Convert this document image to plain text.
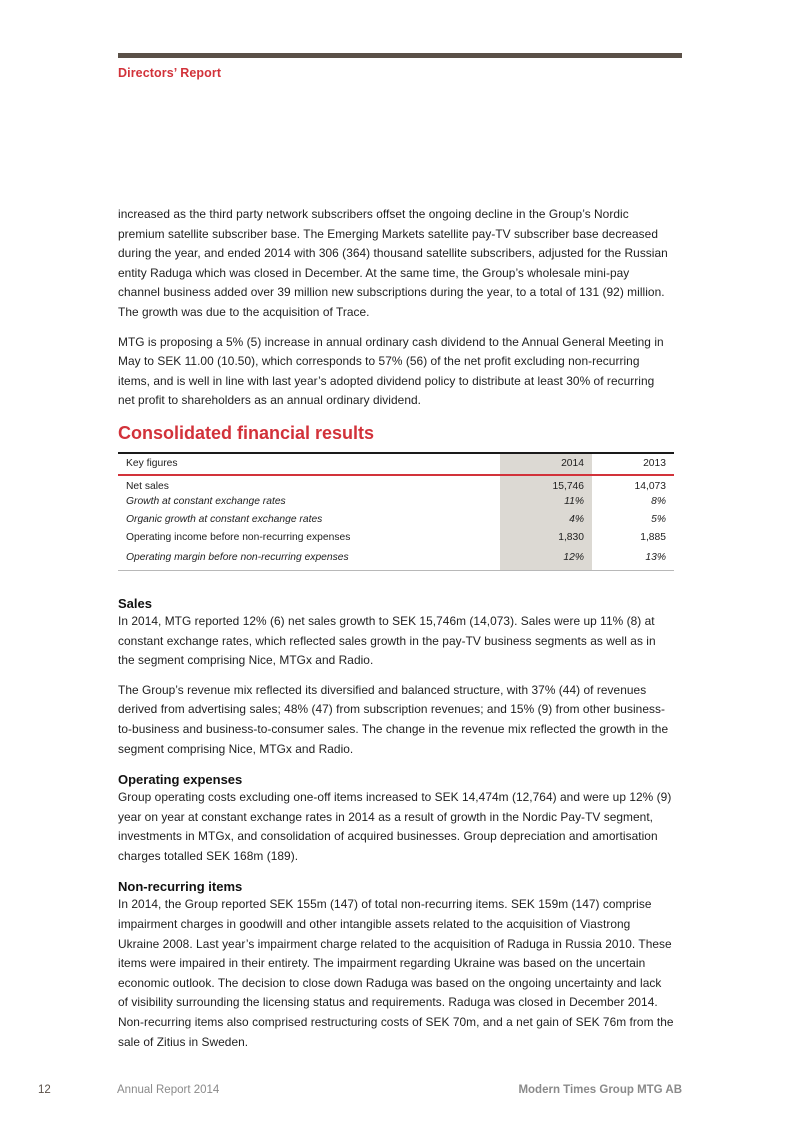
Directors’ Report

increased as the third party network subscribers offset the ongoing decline in the Group’s Nordic premium satellite subscriber base. The Emerging Markets satellite pay-TV subscriber base decreased during the year, and ended 2014 with 306 (364) thousand satellite subscribers, adjusted for the Russian entity Raduga which was closed in December. At the same time, the Group’s wholesale mini-pay channel business added over 39 million new subscriptions during the year, to a total of 131 (92) million. The growth was due to the acquisition of Trace.

MTG is proposing a 5% (5) increase in annual ordinary cash dividend to the Annual General Meeting in May to SEK 11.00 (10.50), which corresponds to 57% (56) of the net profit excluding non-recurring items, and is well in line with last year’s adopted dividend policy to distribute at least 30% of recurring net profit to shareholders as an annual ordinary dividend.

Consolidated financial results
Key figures	2014	2013
Net sales	15,746	14,073
Growth at constant exchange rates	11%	8%
Organic growth at constant exchange rates	4%	5%
Operating income before non-recurring expenses	1,830	1,885
Operating margin before non-recurring expenses	12%	13%
Sales

In 2014, MTG reported 12% (6) net sales growth to SEK 15,746m (14,073). Sales were up 11% (8) at constant exchange rates, which reflected sales growth in the pay-TV business segments as well as in the segment comprising Nice, MTGx and Radio.

The Group’s revenue mix reflected its diversified and balanced structure, with 37% (44) of revenues derived from advertising sales; 48% (47) from subscription revenues; and 15% (9) from other business-to-business and business-to-consumer sales. The change in the revenue mix reflected the growth in the segment comprising Nice, MTGx and Radio.

Operating expenses

Group operating costs excluding one-off items increased to SEK 14,474m (12,764) and were up 12% (9) year on year at constant exchange rates in 2014 as a result of growth in the Nordic Pay-TV segment, investments in MTGx, and consolidation of acquired businesses. Group depreciation and amortisation charges totalled SEK 168m (189).

Non-recurring items

In 2014, the Group reported SEK 155m (147) of total non-recurring items. SEK 159m (147) comprise impairment charges in goodwill and other intangible assets related to the acquisition of Viastrong Ukraine 2008. Last year’s impairment charge related to the acquisition of Raduga in Russia 2010. These items were impaired in their entirety. The impairment regarding Ukraine was based on the uncertain economic outlook. The decision to close down Raduga was based on the ongoing uncertainty and lack of visibility surrounding the licensing status and requirements. Raduga was closed in December 2014. Non-recurring items also comprised restructuring costs of SEK 70m, and a net gain of SEK 76m from the sale of Zitius in Sweden.

12	Annual Report 2014	Modern Times Group MTG AB
